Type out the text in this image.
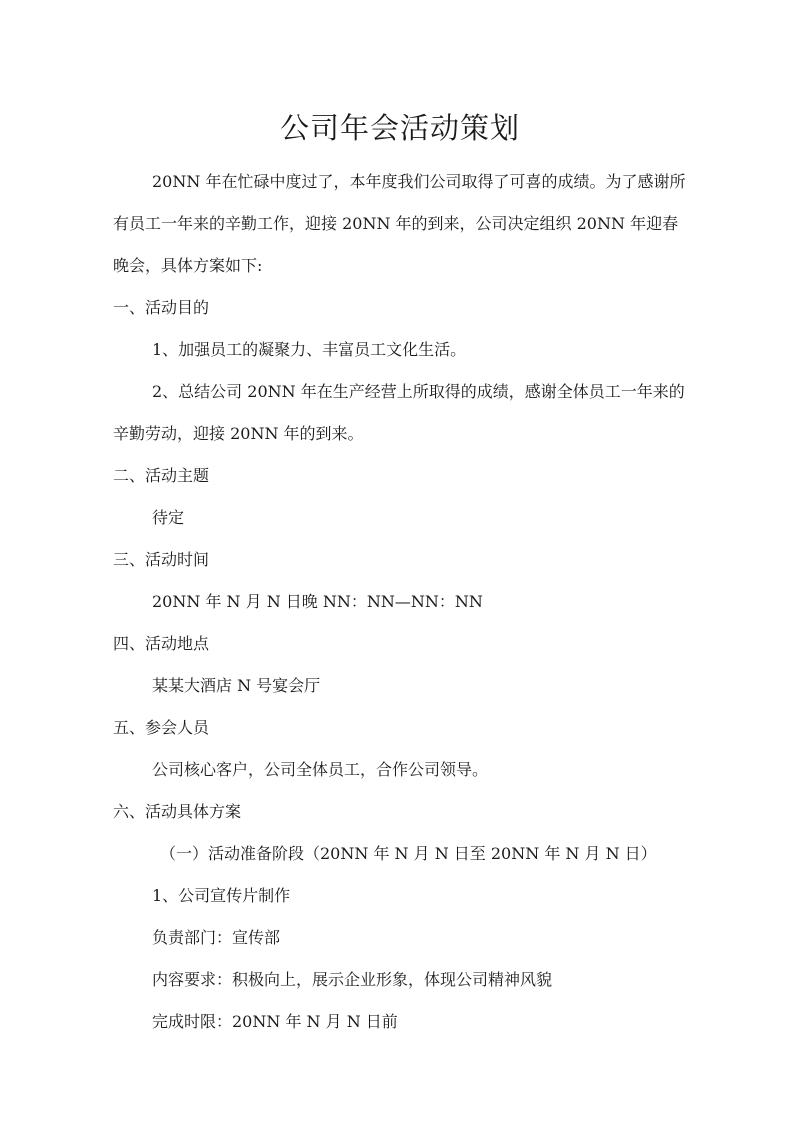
公司年会活动策划

20NN 年在忙碌中度过了，本年度我们公司取得了可喜的成绩。为了感谢所

有员工一年来的辛勤工作，迎接 20NN 年的到来，公司决定组织 20NN 年迎春

晚会，具体方案如下:

一、活动目的

1、加强员工的凝聚力、丰富员工文化生活。

2、总结公司 20NN 年在生产经营上所取得的成绩，感谢全体员工一年来的

辛勤劳动，迎接 20NN 年的到来。

二、活动主题

待定

三、活动时间

20NN 年 N 月 N 日晚 NN：NN—NN：NN

四、活动地点

某某大酒店 N 号宴会厅

五、参会人员

公司核心客户，公司全体员工，合作公司领导。

六、活动具体方案

（一）活动准备阶段（20NN 年 N 月 N 日至 20NN 年 N 月 N 日）

1、公司宣传片制作

负责部门：宣传部

内容要求：积极向上，展示企业形象，体现公司精神风貌

完成时限：20NN 年 N 月 N 日前
